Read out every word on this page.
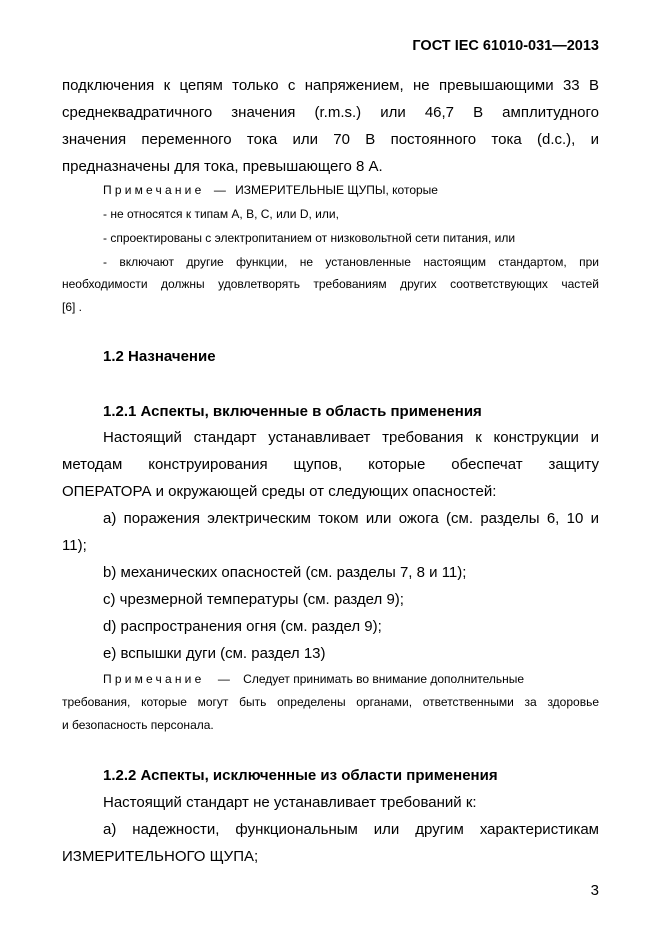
ГОСТ IEC 61010-031—2013
подключения к цепям только с напряжением, не превышающими 33 В
среднеквадратичного значения (r.m.s.) или 46,7 В амплитудного
значения переменного тока или 70 В постоянного тока (d.c.), и
предназначены для тока, превышающего 8 А.
Примечание — ИЗМЕРИТЕЛЬНЫЕ ЩУПЫ, которые
- не относятся к типам A, B, C, или D, или,
- спроектированы с электропитанием от низковольтной сети питания, или
- включают другие функции, не установленные настоящим стандартом, при
необходимости должны удовлетворять требованиям других соответствующих частей
[6] .
1.2 Назначение
1.2.1 Аспекты, включенные в область применения
Настоящий стандарт устанавливает требования к конструкции и
методам конструирования щупов, которые обеспечат защиту
ОПЕРАТОРА и окружающей среды от следующих опасностей:
а) поражения электрическим током или ожога (см. разделы 6, 10 и
11);
b) механических опасностей (см. разделы 7, 8 и 11);
c) чрезмерной температуры (см. раздел 9);
d) распространения огня (см. раздел 9);
e) вспышки дуги (см. раздел 13)
Примечание — Следует принимать во внимание дополнительные
требования, которые могут быть определены органами, ответственными за здоровье
и безопасность персонала.
1.2.2 Аспекты, исключенные из области применения
Настоящий стандарт не устанавливает требований к:
a) надежности, функциональным или другим характеристикам
ИЗМЕРИТЕЛЬНОГО ЩУПА;
3
